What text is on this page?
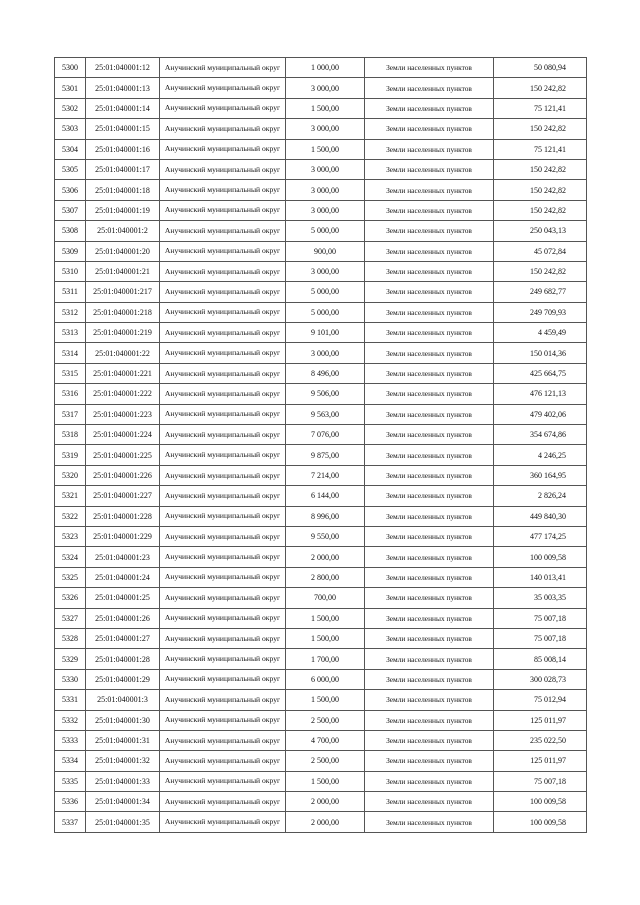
5300	25:01:040001:12	Анучинский муниципальный округ	1 000,00	Земли населенных пунктов	50 080,94
5301	25:01:040001:13	Анучинский муниципальный округ	3 000,00	Земли населенных пунктов	150 242,82
5302	25:01:040001:14	Анучинский муниципальный округ	1 500,00	Земли населенных пунктов	75 121,41
5303	25:01:040001:15	Анучинский муниципальный округ	3 000,00	Земли населенных пунктов	150 242,82
5304	25:01:040001:16	Анучинский муниципальный округ	1 500,00	Земли населенных пунктов	75 121,41
5305	25:01:040001:17	Анучинский муниципальный округ	3 000,00	Земли населенных пунктов	150 242,82
5306	25:01:040001:18	Анучинский муниципальный округ	3 000,00	Земли населенных пунктов	150 242,82
5307	25:01:040001:19	Анучинский муниципальный округ	3 000,00	Земли населенных пунктов	150 242,82
5308	25:01:040001:2	Анучинский муниципальный округ	5 000,00	Земли населенных пунктов	250 043,13
5309	25:01:040001:20	Анучинский муниципальный округ	900,00	Земли населенных пунктов	45 072,84
5310	25:01:040001:21	Анучинский муниципальный округ	3 000,00	Земли населенных пунктов	150 242,82
5311	25:01:040001:217	Анучинский муниципальный округ	5 000,00	Земли населенных пунктов	249 682,77
5312	25:01:040001:218	Анучинский муниципальный округ	5 000,00	Земли населенных пунктов	249 709,93
5313	25:01:040001:219	Анучинский муниципальный округ	9 101,00	Земли населенных пунктов	4 459,49
5314	25:01:040001:22	Анучинский муниципальный округ	3 000,00	Земли населенных пунктов	150 014,36
5315	25:01:040001:221	Анучинский муниципальный округ	8 496,00	Земли населенных пунктов	425 664,75
5316	25:01:040001:222	Анучинский муниципальный округ	9 506,00	Земли населенных пунктов	476 121,13
5317	25:01:040001:223	Анучинский муниципальный округ	9 563,00	Земли населенных пунктов	479 402,06
5318	25:01:040001:224	Анучинский муниципальный округ	7 076,00	Земли населенных пунктов	354 674,86
5319	25:01:040001:225	Анучинский муниципальный округ	9 875,00	Земли населенных пунктов	4 246,25
5320	25:01:040001:226	Анучинский муниципальный округ	7 214,00	Земли населенных пунктов	360 164,95
5321	25:01:040001:227	Анучинский муниципальный округ	6 144,00	Земли населенных пунктов	2 826,24
5322	25:01:040001:228	Анучинский муниципальный округ	8 996,00	Земли населенных пунктов	449 840,30
5323	25:01:040001:229	Анучинский муниципальный округ	9 550,00	Земли населенных пунктов	477 174,25
5324	25:01:040001:23	Анучинский муниципальный округ	2 000,00	Земли населенных пунктов	100 009,58
5325	25:01:040001:24	Анучинский муниципальный округ	2 800,00	Земли населенных пунктов	140 013,41
5326	25:01:040001:25	Анучинский муниципальный округ	700,00	Земли населенных пунктов	35 003,35
5327	25:01:040001:26	Анучинский муниципальный округ	1 500,00	Земли населенных пунктов	75 007,18
5328	25:01:040001:27	Анучинский муниципальный округ	1 500,00	Земли населенных пунктов	75 007,18
5329	25:01:040001:28	Анучинский муниципальный округ	1 700,00	Земли населенных пунктов	85 008,14
5330	25:01:040001:29	Анучинский муниципальный округ	6 000,00	Земли населенных пунктов	300 028,73
5331	25:01:040001:3	Анучинский муниципальный округ	1 500,00	Земли населенных пунктов	75 012,94
5332	25:01:040001:30	Анучинский муниципальный округ	2 500,00	Земли населенных пунктов	125 011,97
5333	25:01:040001:31	Анучинский муниципальный округ	4 700,00	Земли населенных пунктов	235 022,50
5334	25:01:040001:32	Анучинский муниципальный округ	2 500,00	Земли населенных пунктов	125 011,97
5335	25:01:040001:33	Анучинский муниципальный округ	1 500,00	Земли населенных пунктов	75 007,18
5336	25:01:040001:34	Анучинский муниципальный округ	2 000,00	Земли населенных пунктов	100 009,58
5337	25:01:040001:35	Анучинский муниципальный округ	2 000,00	Земли населенных пунктов	100 009,58
